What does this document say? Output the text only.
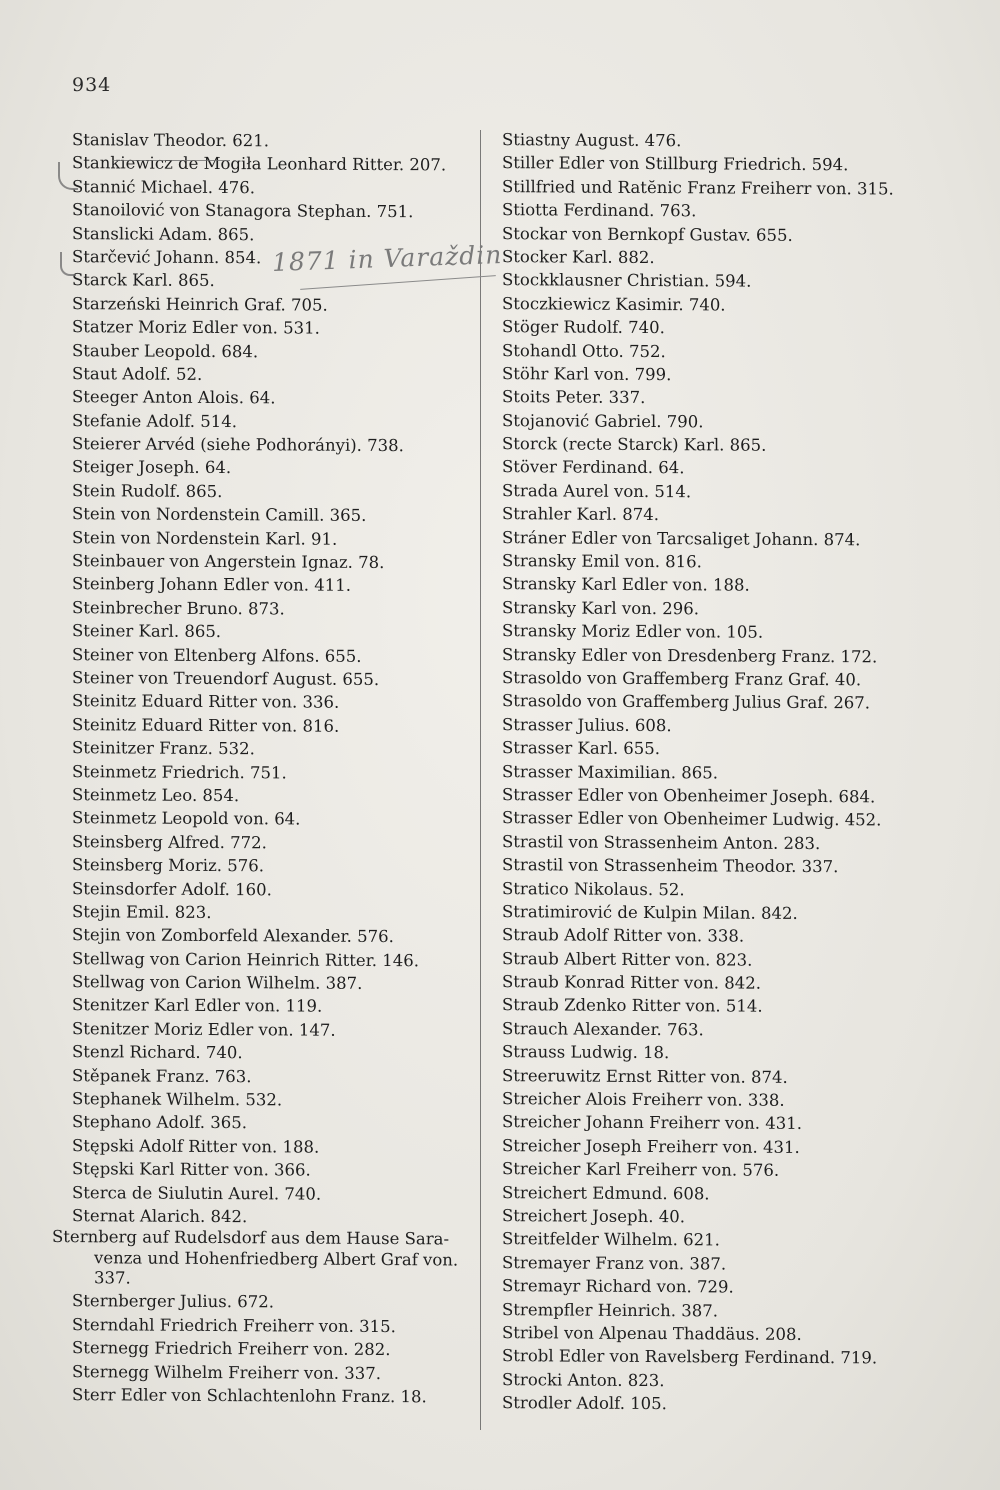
934
Stanislav Theodor. 621.
Stankiewicz de Mogiła Leonhard Ritter. 207.
Stannić Michael. 476.
Stanoilović von Stanagora Stephan. 751.
Stanslicki Adam. 865.
Starčević Johann. 854.
Starck Karl. 865.
Starzeński Heinrich Graf. 705.
Statzer Moriz Edler von. 531.
Stauber Leopold. 684.
Staut Adolf. 52.
Steeger Anton Alois. 64.
Stefanie Adolf. 514.
Steierer Arvéd (siehe Podhorányi). 738.
Steiger Joseph. 64.
Stein Rudolf. 865.
Stein von Nordenstein Camill. 365.
Stein von Nordenstein Karl. 91.
Steinbauer von Angerstein Ignaz. 78.
Steinberg Johann Edler von. 411.
Steinbrecher Bruno. 873.
Steiner Karl. 865.
Steiner von Eltenberg Alfons. 655.
Steiner von Treuendorf August. 655.
Steinitz Eduard Ritter von. 336.
Steinitz Eduard Ritter von. 816.
Steinitzer Franz. 532.
Steinmetz Friedrich. 751.
Steinmetz Leo. 854.
Steinmetz Leopold von. 64.
Steinsberg Alfred. 772.
Steinsberg Moriz. 576.
Steinsdorfer Adolf. 160.
Stejin Emil. 823.
Stejin von Zomborfeld Alexander. 576.
Stellwag von Carion Heinrich Ritter. 146.
Stellwag von Carion Wilhelm. 387.
Stenitzer Karl Edler von. 119.
Stenitzer Moriz Edler von. 147.
Stenzl Richard. 740.
Stěpanek Franz. 763.
Stephanek Wilhelm. 532.
Stephano Adolf. 365.
Stępski Adolf Ritter von. 188.
Stępski Karl Ritter von. 366.
Sterca de Siulutin Aurel. 740.
Sternat Alarich. 842.
Sternberg auf Rudelsdorf aus dem Hause Sara-
venza und Hohenfriedberg Albert Graf von.
337.
Sternberger Julius. 672.
Sterndahl Friedrich Freiherr von. 315.
Sternegg Friedrich Freiherr von. 282.
Sternegg Wilhelm Freiherr von. 337.
Sterr Edler von Schlachtenlohn Franz. 18.
Stiastny August. 476.
Stiller Edler von Stillburg Friedrich. 594.
Stillfried und Ratĕnic Franz Freiherr von. 315.
Stiotta Ferdinand. 763.
Stockar von Bernkopf Gustav. 655.
Stocker Karl. 882.
Stockklausner Christian. 594.
Stoczkiewicz Kasimir. 740.
Stöger Rudolf. 740.
Stohandl Otto. 752.
Stöhr Karl von. 799.
Stoits Peter. 337.
Stojanović Gabriel. 790.
Storck (recte Starck) Karl. 865.
Stöver Ferdinand. 64.
Strada Aurel von. 514.
Strahler Karl. 874.
Stráner Edler von Tarcsaliget Johann. 874.
Stransky Emil von. 816.
Stransky Karl Edler von. 188.
Stransky Karl von. 296.
Stransky Moriz Edler von. 105.
Stransky Edler von Dresdenberg Franz. 172.
Strasoldo von Graffemberg Franz Graf. 40.
Strasoldo von Graffemberg Julius Graf. 267.
Strasser Julius. 608.
Strasser Karl. 655.
Strasser Maximilian. 865.
Strasser Edler von Obenheimer Joseph. 684.
Strasser Edler von Obenheimer Ludwig. 452.
Strastil von Strassenheim Anton. 283.
Strastil von Strassenheim Theodor. 337.
Stratico Nikolaus. 52.
Stratimirović de Kulpin Milan. 842.
Straub Adolf Ritter von. 338.
Straub Albert Ritter von. 823.
Straub Konrad Ritter von. 842.
Straub Zdenko Ritter von. 514.
Strauch Alexander. 763.
Strauss Ludwig. 18.
Streeruwitz Ernst Ritter von. 874.
Streicher Alois Freiherr von. 338.
Streicher Johann Freiherr von. 431.
Streicher Joseph Freiherr von. 431.
Streicher Karl Freiherr von. 576.
Streichert Edmund. 608.
Streichert Joseph. 40.
Streitfelder Wilhelm. 621.
Stremayer Franz von. 387.
Stremayr Richard von. 729.
Strempfler Heinrich. 387.
Stribel von Alpenau Thaddäus. 208.
Strobl Edler von Ravelsberg Ferdinand. 719.
Strocki Anton. 823.
Strodler Adolf. 105.
1871 in Varaždin
